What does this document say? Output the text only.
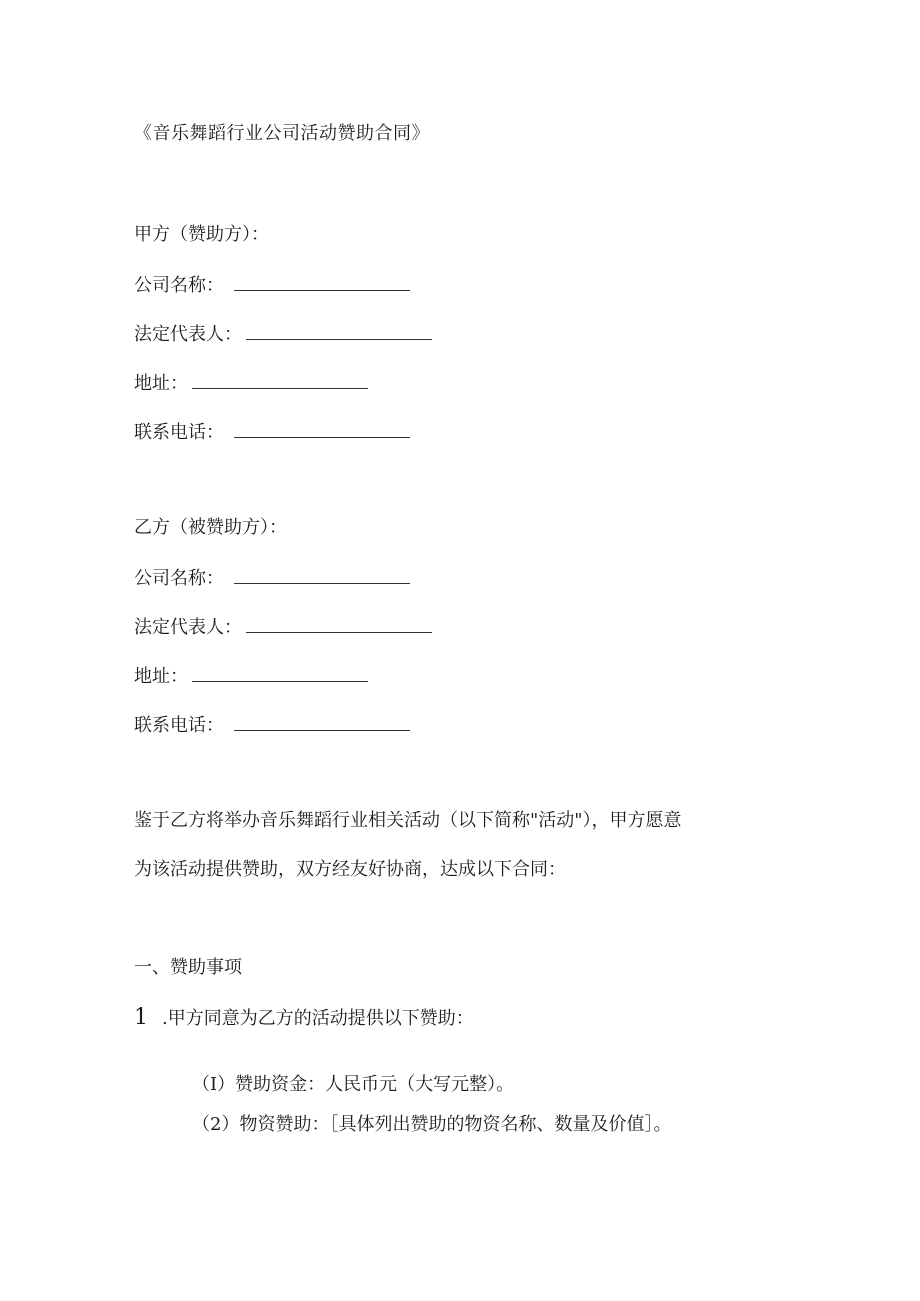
《音乐舞蹈行业公司活动赞助合同》
甲方（赞助方）：
公司名称：
法定代表人：
地址：
联系电话：
乙方（被赞助方）：
公司名称：
法定代表人：
地址：
联系电话：
鉴于乙方将举办音乐舞蹈行业相关活动（以下简称"活动"），甲方愿意
为该活动提供赞助，双方经友好协商，达成以下合同：
一、赞助事项
1 .甲方同意为乙方的活动提供以下赞助：
（I）赞助资金：人民币元（大写元整）。
（2）物资赞助：［具体列出赞助的物资名称、数量及价值］。
